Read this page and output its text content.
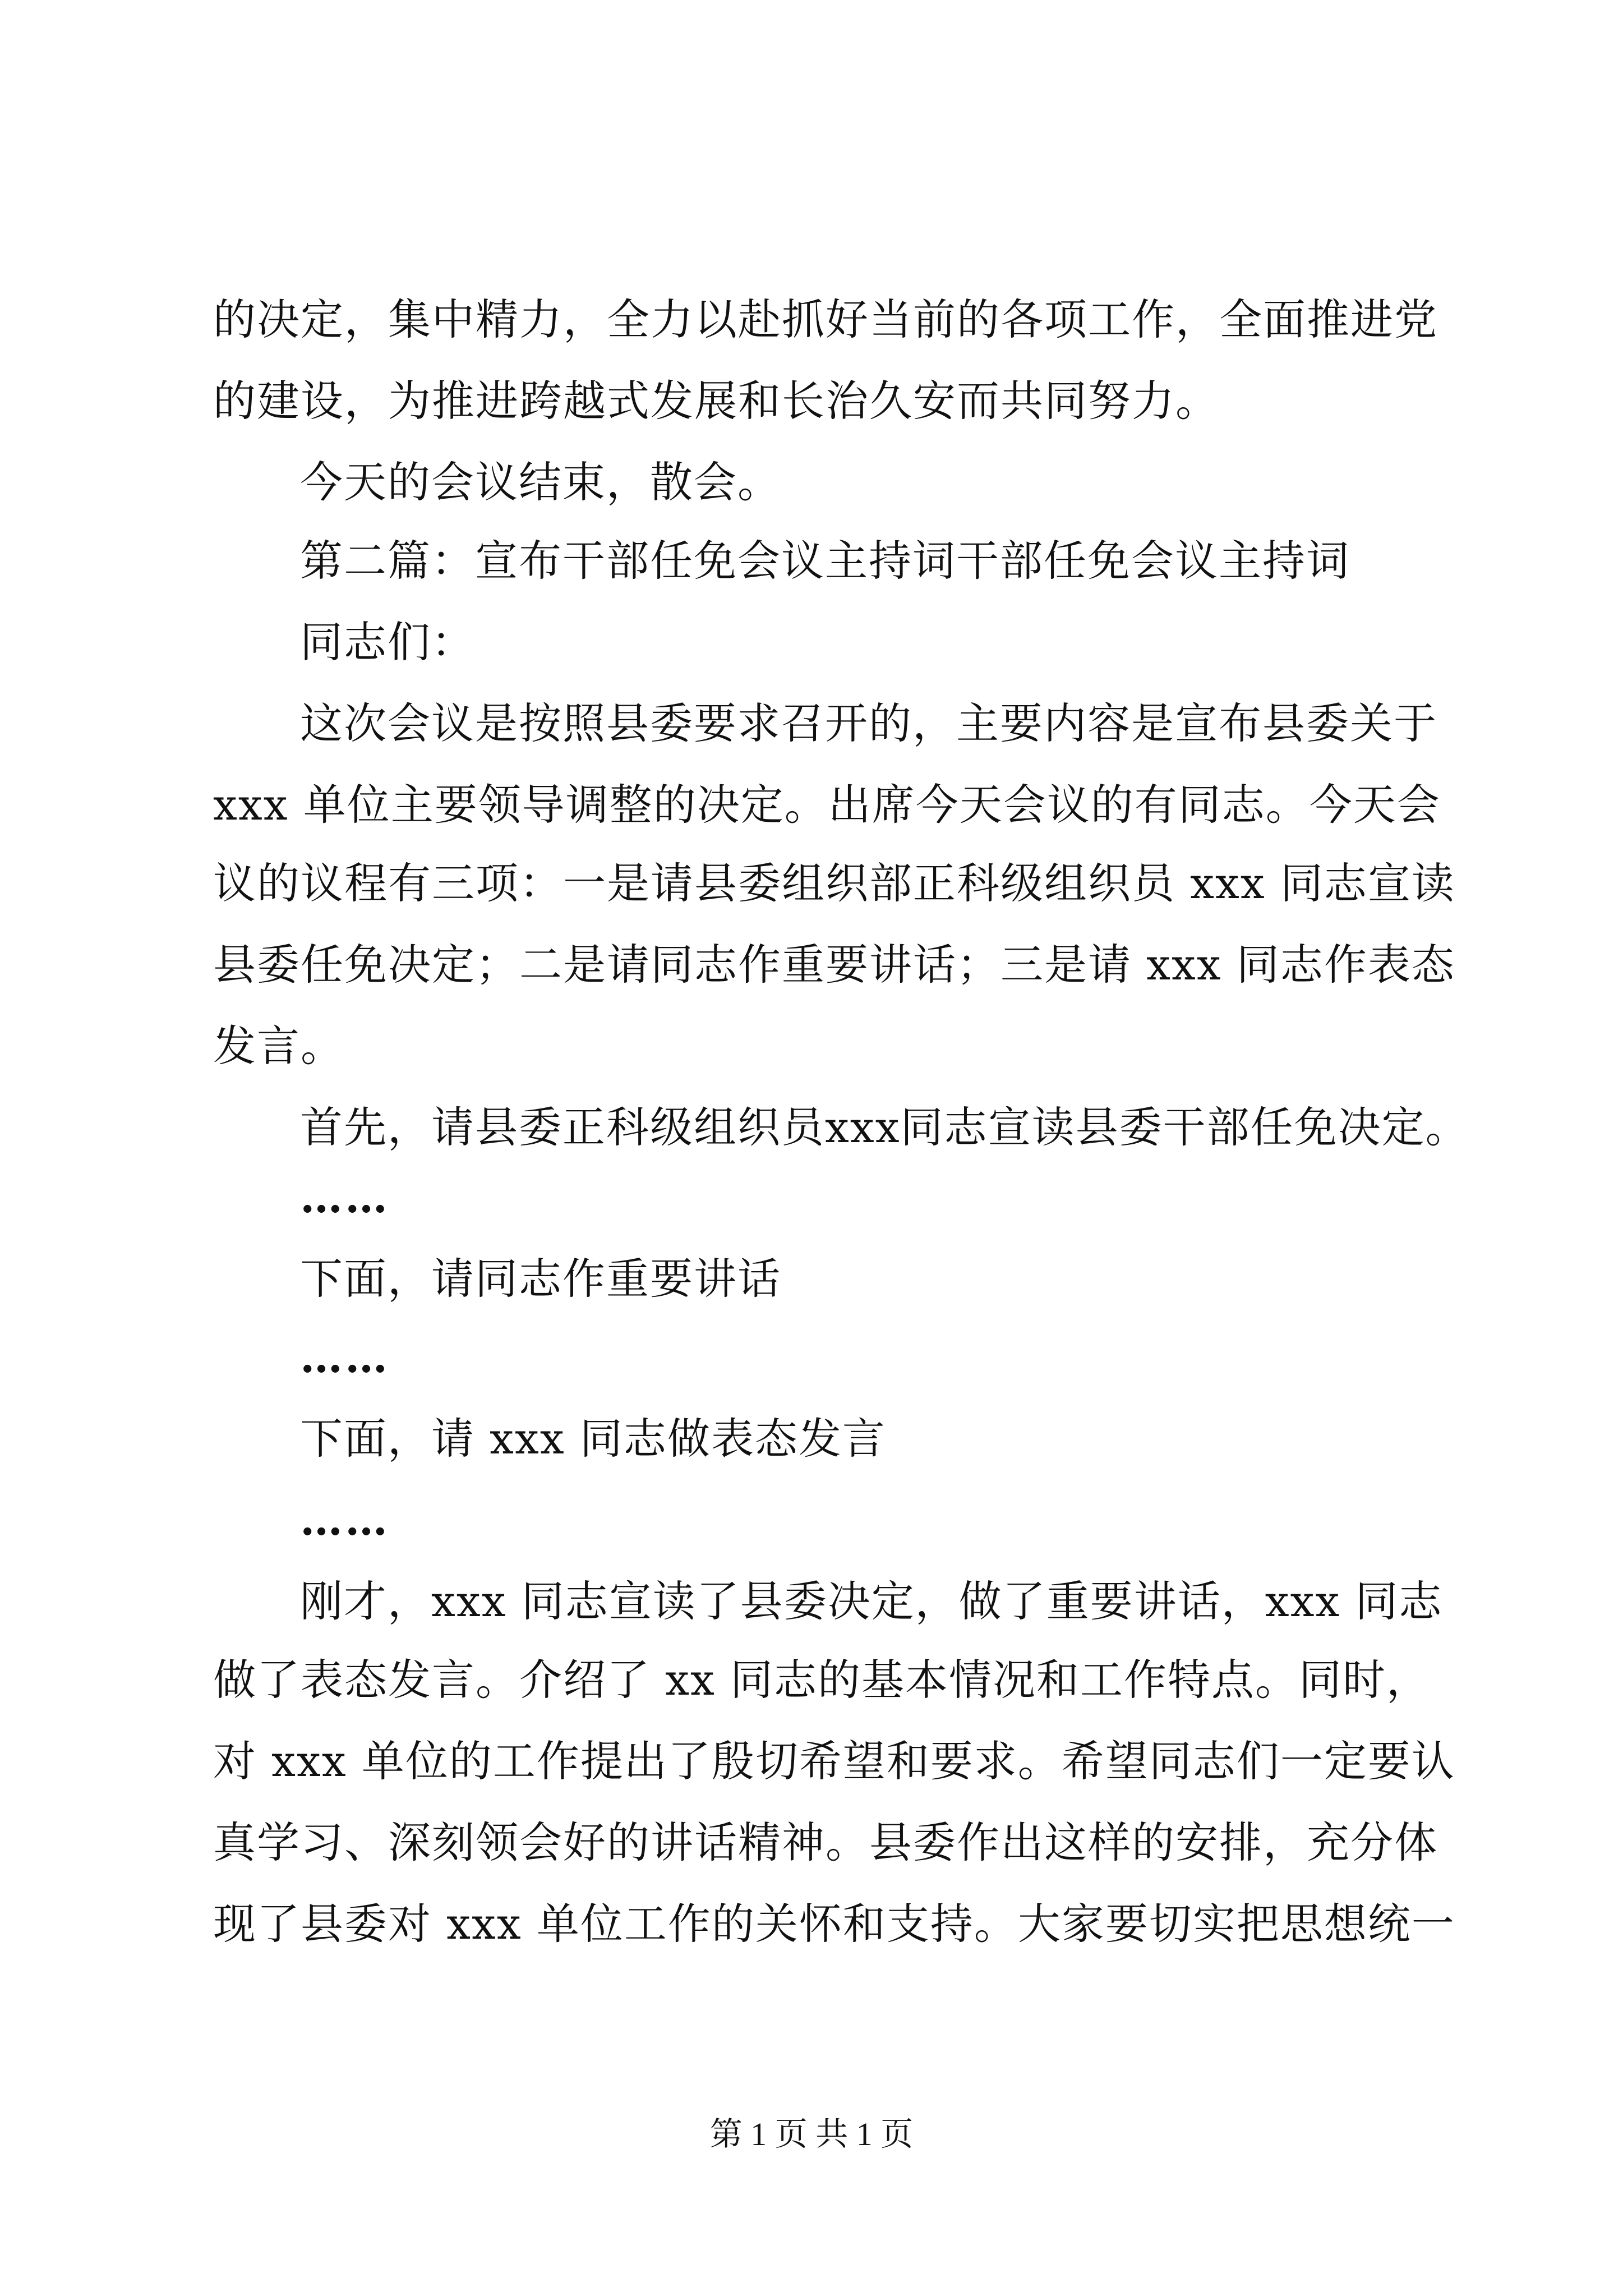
的决定，集中精力，全力以赴抓好当前的各项工作，全面推进党
的建设，为推进跨越式发展和长治久安而共同努力。
今天的会议结束，散会。
第二篇：宣布干部任免会议主持词干部任免会议主持词
同志们：
这次会议是按照县委要求召开的，主要内容是宣布县委关于
xxx 单位主要领导调整的决定。出席今天会议的有同志。今天会
议的议程有三项：一是请县委组织部正科级组织员 xxx 同志宣读
县委任免决定；二是请同志作重要讲话；三是请 xxx 同志作表态
发言。
首先，请县委正科级组织员xxx同志宣读县委干部任免决定。
……
下面，请同志作重要讲话
……
下面，请 xxx 同志做表态发言
……
刚才，xxx 同志宣读了县委决定，做了重要讲话，xxx 同志
做了表态发言。介绍了 xx 同志的基本情况和工作特点。同时，
对 xxx 单位的工作提出了殷切希望和要求。希望同志们一定要认
真学习、深刻领会好的讲话精神。县委作出这样的安排，充分体
现了县委对 xxx 单位工作的关怀和支持。大家要切实把思想统一
第 1 页 共 1 页
